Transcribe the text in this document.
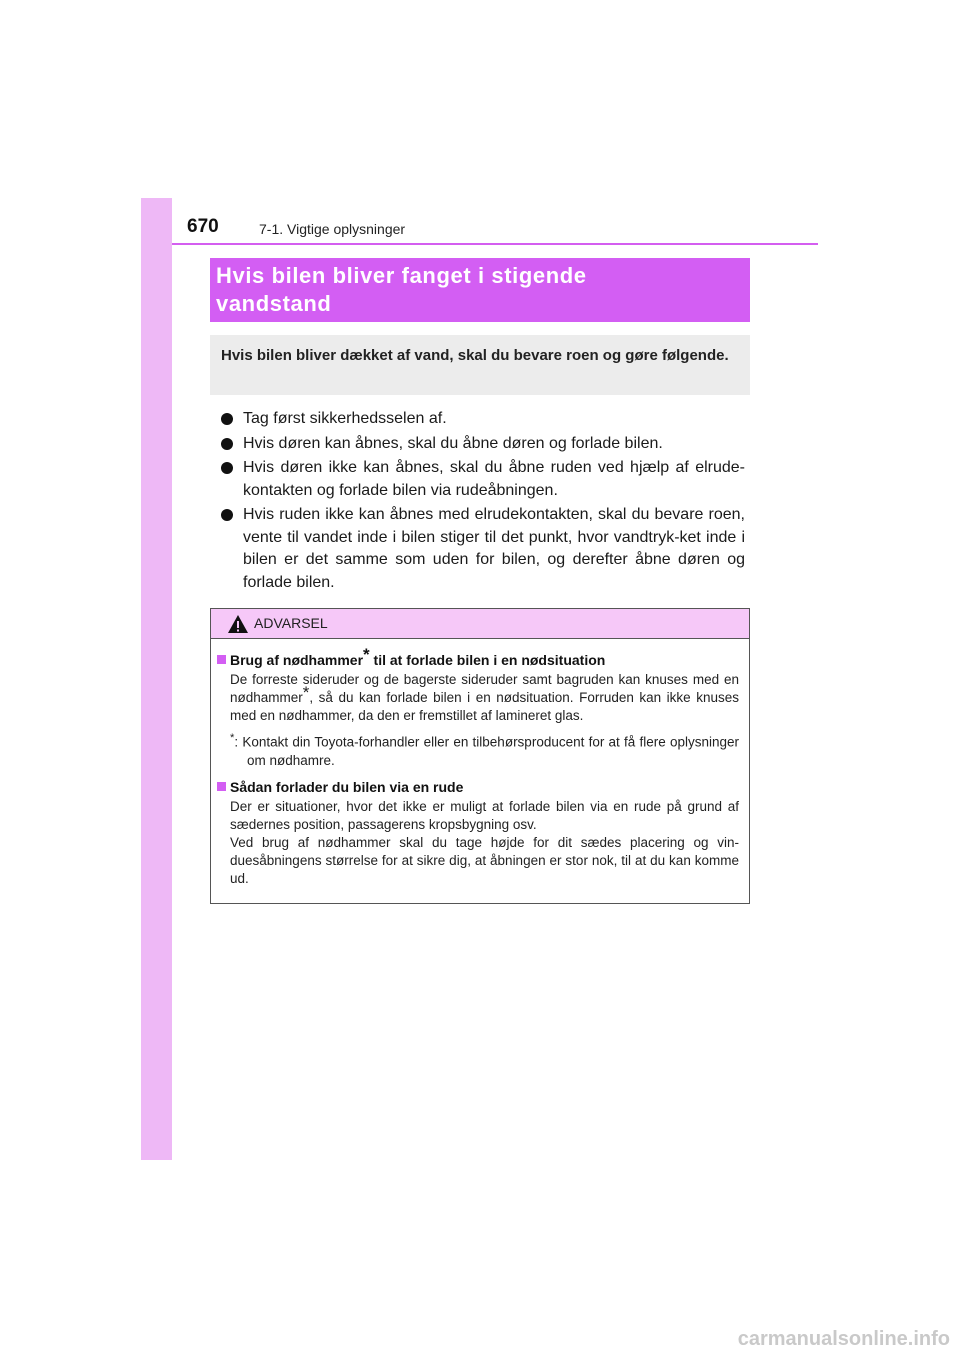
670	7-1. Vigtige oplysninger

Hvis bilen bliver fanget i stigende
vandstand

Hvis bilen bliver dækket af vand, skal du bevare roen og gøre følgende.

Tag først sikkerhedsselen af.
Hvis døren kan åbnes, skal du åbne døren og forlade bilen.
Hvis døren ikke kan åbnes, skal du åbne ruden ved hjælp af elrude-kontakten og forlade bilen via rudeåbningen.
Hvis ruden ikke kan åbnes med elrudekontakten, skal du bevare roen, vente til vandet inde i bilen stiger til det punkt, hvor vandtryk-ket inde i bilen er det samme som uden for bilen, og derefter åbne døren og forlade bilen.
ADVARSEL

Brug af nødhammer* til at forlade bilen i en nødsituation

De forreste sideruder og de bagerste sideruder samt bagruden kan knuses med en nødhammer*, så du kan forlade bilen i en nødsituation. Forruden kan ikke knuses med en nødhammer, da den er fremstillet af lamineret glas.

*: Kontakt din Toyota-forhandler eller en tilbehørsproducent for at få flere oplysninger om nødhamre.

Sådan forlader du bilen via en rude

Der er situationer, hvor det ikke er muligt at forlade bilen via en rude på grund af sædernes position, passagerens kropsbygning osv.

Ved brug af nødhammer skal du tage højde for dit sædes placering og vin-duesåbningens størrelse for at sikre dig, at åbningen er stor nok, til at du kan komme ud.

carmanualsonline.info
